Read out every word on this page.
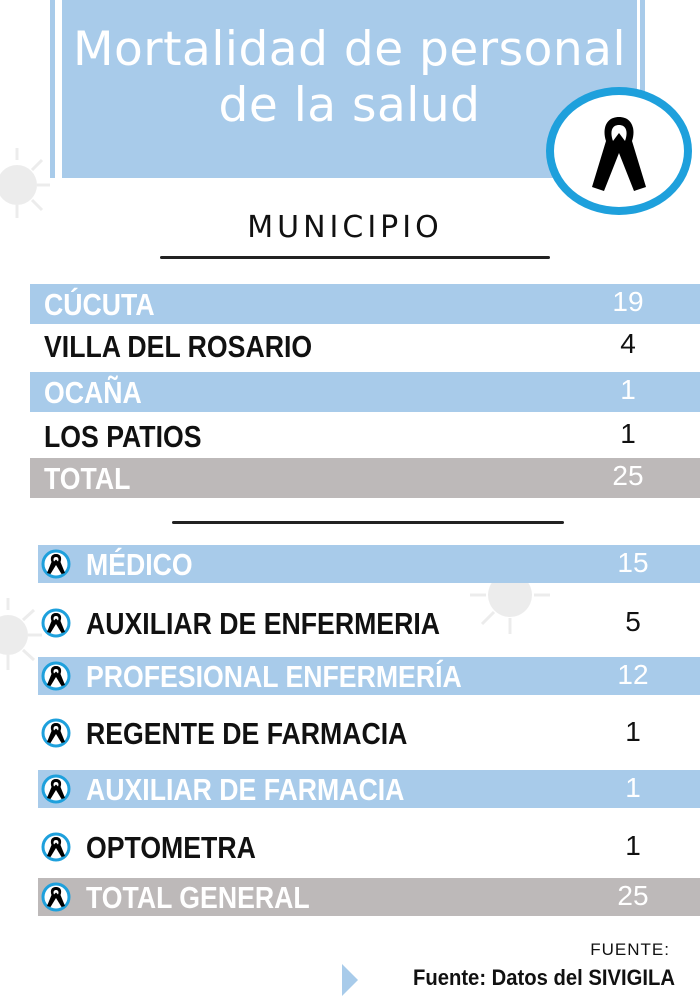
Mortalidad de personal
de la salud
MUNICIPIO
CÚCUTA	19
VILLA DEL ROSARIO	4
OCAÑA	1
LOS PATIOS	1
TOTAL	25
MÉDICO	15
AUXILIAR DE ENFERMERIA	5
PROFESIONAL ENFERMERÍA	12
REGENTE DE FARMACIA	1
AUXILIAR DE FARMACIA	1
OPTOMETRA	1
TOTAL GENERAL	25
FUENTE:
Fuente: Datos del SIVIGILA
